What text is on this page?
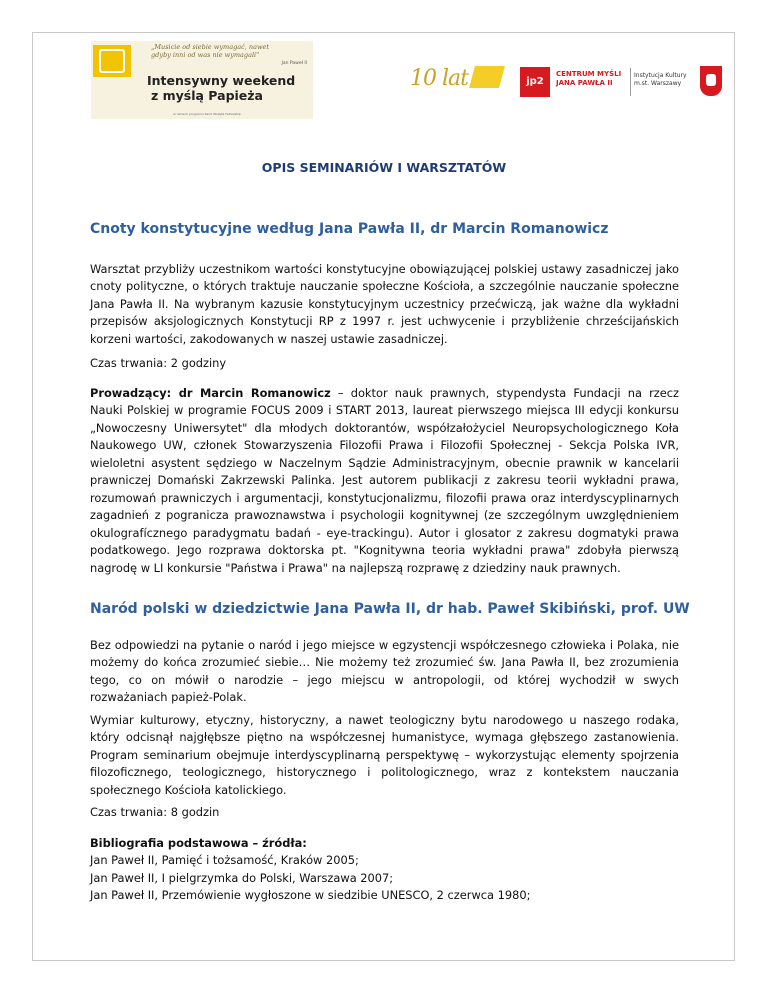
„Musicie od siebie wymagać, nawet
gdyby inni od was nie wymagali"
Jan Paweł II
Intensywny weekend
z myślą Papieża
w ramach programu Karol Wojtyła Fellowship
10 lat	jp2
CENTRUM MYŚLI
JANA PAWŁA II
Instytucja Kultury
m.st. Warszawy
OPIS SEMINARIÓW I WARSZTATÓW
Cnoty konstytucyjne według Jana Pawła II, dr Marcin Romanowicz
Warsztat przybliży uczestnikom wartości konstytucyjne obowiązującej polskiej ustawy zasadniczej jako
cnoty polityczne, o których traktuje nauczanie społeczne Kościoła, a szczególnie nauczanie społeczne
Jana Pawła II. Na wybranym kazusie konstytucyjnym uczestnicy przećwiczą, jak ważne dla wykładni
przepisów aksjologicznych Konstytucji RP z 1997 r. jest uchwycenie i przybliżenie chrześcijańskich
korzeni wartości, zakodowanych w naszej ustawie zasadniczej.
Czas trwania: 2 godziny
Prowadzący: dr Marcin Romanowicz – doktor nauk prawnych, stypendysta Fundacji na rzecz
Nauki Polskiej w programie FOCUS 2009 i START 2013, laureat pierwszego miejsca III edycji konkursu
„Nowoczesny Uniwersytet" dla młodych doktorantów, współzałożyciel Neuropsychologicznego Koła
Naukowego UW, członek Stowarzyszenia Filozofii Prawa i Filozofii Społecznej - Sekcja Polska IVR,
wieloletni asystent sędziego w Naczelnym Sądzie Administracyjnym, obecnie prawnik w kancelarii
prawniczej Domański Zakrzewski Palinka. Jest autorem publikacji z zakresu teorii wykładni prawa,
rozumowań prawniczych i argumentacji, konstytucjonalizmu, filozofii prawa oraz interdyscyplinarnych
zagadnień z pogranicza prawoznawstwa i psychologii kognitywnej (ze szczególnym uwzględnieniem
okulografícznego paradygmatu badań - eye-trackingu). Autor i glosator z zakresu dogmatyki prawa
podatkowego. Jego rozprawa doktorska pt. "Kognitywna teoria wykładni prawa" zdobyła pierwszą
nagrodę w LI konkursie "Państwa i Prawa" na najlepszą rozprawę z dziedziny nauk prawnych.
Naród polski w dziedzictwie Jana Pawła II, dr hab. Paweł Skibiński, prof. UW
Bez odpowiedzi na pytanie o naród i jego miejsce w egzystencji współczesnego człowieka i Polaka, nie
możemy do końca zrozumieć siebie… Nie możemy też zrozumieć św. Jana Pawła II, bez zrozumienia
tego, co on mówił o narodzie – jego miejscu w antropologii, od której wychodził w swych
rozważaniach papież-Polak.
Wymiar kulturowy, etyczny, historyczny, a nawet teologiczny bytu narodowego u naszego rodaka,
który odcisnął najgłębsze piętno na współczesnej humanistyce, wymaga głębszego zastanowienia.
Program seminarium obejmuje interdyscyplinarną perspektywę – wykorzystując elementy spojrzenia
filozoficznego, teologicznego, historycznego i politologicznego, wraz z kontekstem nauczania
społecznego Kościoła katolickiego.
Czas trwania: 8 godzin
Bibliografia podstawowa – źródła:
Jan Paweł II, Pamięć i tożsamość, Kraków 2005;
Jan Paweł II, I pielgrzymka do Polski, Warszawa 2007;
Jan Paweł II, Przemówienie wygłoszone w siedzibie UNESCO, 2 czerwca 1980;
